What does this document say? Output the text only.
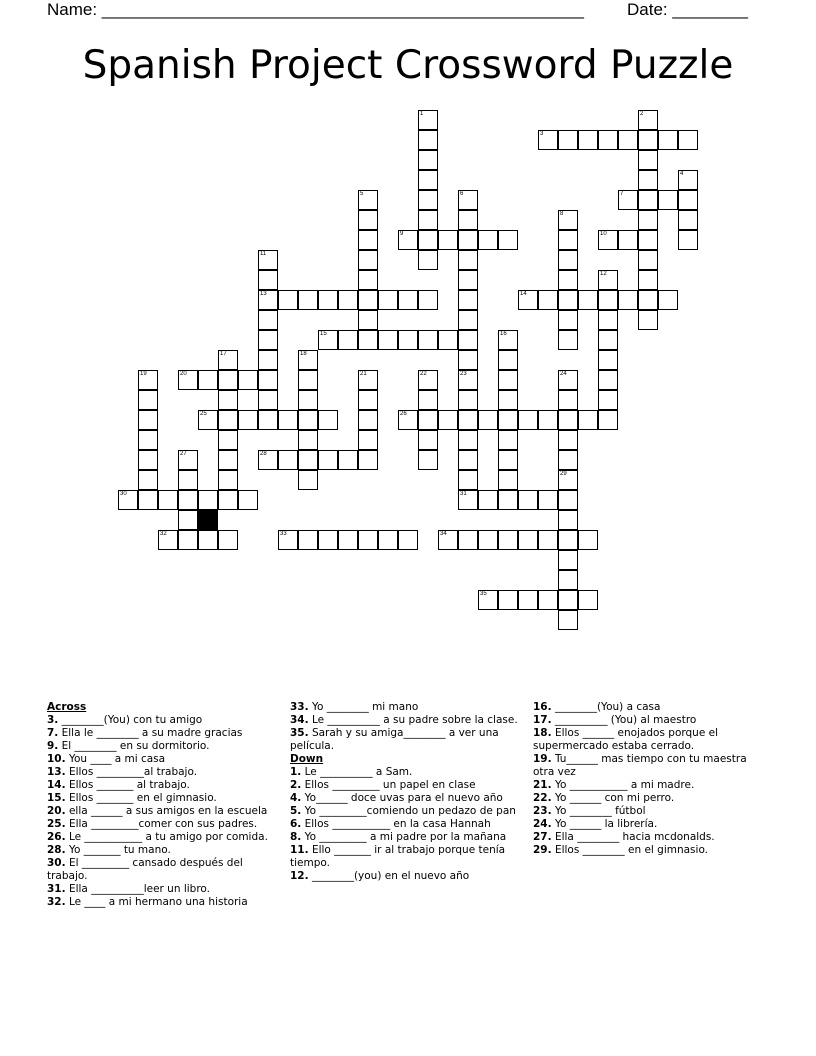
Name: ___________________________________________________	Date: ________
Spanish Project Crossword Puzzle
1	2
3
4
5	6	7
8
9	10
11
12
13	14
15	16
17	18
19	20	21	22	23	24
25	26
27	28
29
30	31
32	33	34
35
Across
3. ________(You) con tu amigo
7. Ella le ________ a su madre gracias
9. El ________ en su dormitorio.
10. You ____ a mi casa
13. Ellos _________al trabajo.
14. Ellos _______ al trabajo.
15. Ellos _______ en el gimnasio.
20. ella ______ a sus amigos en la escuela
25. Ella _________comer con sus padres.
26. Le ___________ a tu amigo por comida.
28. Yo _______ tu mano.
30. El _________ cansado después del trabajo.
31. Ella __________leer un libro.
32. Le ____ a mi hermano una historia
33. Yo ________ mi mano
34. Le __________ a su padre sobre la clase.
35. Sarah y su amiga________ a ver una película.
Down
1. Le __________ a Sam.
2. Ellos _________ un papel en clase
4. Yo______ doce uvas para el nuevo año
5. Yo _________comiendo un pedazo de pan
6. Ellos ___________ en la casa Hannah
8. Yo _________ a mi padre por la mañana
11. Ello _______ ir al trabajo porque tenía tiempo.
12. ________(you) en el nuevo año
16. ________(You) a casa
17. __________ (You) al maestro
18. Ellos ______ enojados porque el supermercado estaba cerrado.
19. Tu______ mas tiempo con tu maestra otra vez
21. Yo ___________ a mi madre.
22. Yo ______ con mi perro.
23. Yo ________ fútbol
24. Yo ______ la librería.
27. Ella ________ hacia mcdonalds.
29. Ellos ________ en el gimnasio.
